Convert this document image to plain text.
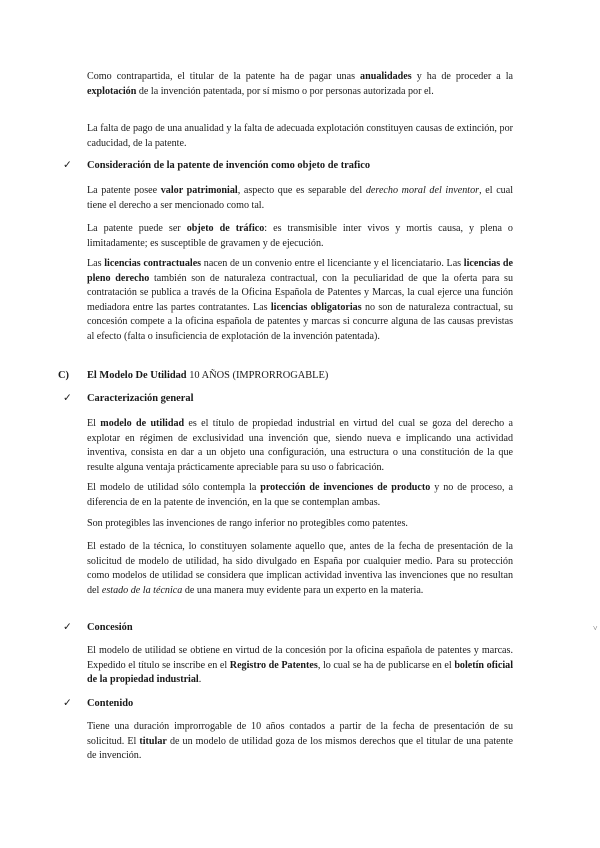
Como contrapartida, el titular de la patente ha de pagar unas anualidades y ha de proceder a la explotación de la invención patentada, por sí mismo o por personas autorizada por el.

La falta de pago de una anualidad y la falta de adecuada explotación constituyen causas de extinción, por caducidad, de la patente.

✓ Consideración de la patente de invención como objeto de trafico

La patente posee valor patrimonial, aspecto que es separable del derecho moral del inventor, el cual tiene el derecho a ser mencionado como tal.

La patente puede ser objeto de tráfico: es transmisible inter vivos y mortis causa, y plena o limitadamente; es susceptible de gravamen y de ejecución.

Las licencias contractuales nacen de un convenio entre el licenciante y el licenciatario. Las licencias de pleno derecho también son de naturaleza contractual, con la peculiaridad de que la oferta para su contratación se publica a través de la Oficina Española de Patentes y Marcas, la cual ejerce una función mediadora entre las partes contratantes. Las licencias obligatorias no son de naturaleza contractual, su concesión compete a la oficina española de patentes y marcas si concurre alguna de las causas previstas al efecto (falta o insuficiencia de explotación de la invención patentada).

C) El Modelo De Utilidad 10 AÑOS (IMPRORROGABLE)
✓ Caracterización general

El modelo de utilidad es el título de propiedad industrial en virtud del cual se goza del derecho a explotar en régimen de exclusividad una invención que, siendo nueva e implicando una actividad inventiva, consista en dar a un objeto una configuración, una estructura o una constitución de la que resulte alguna ventaja prácticamente apreciable para su uso o fabricación.

El modelo de utilidad sólo contempla la protección de invenciones de producto y no de proceso, a diferencia de en la patente de invención, en la que se contemplan ambas.

Son protegibles las invenciones de rango inferior no protegibles como patentes.

El estado de la técnica, lo constituyen solamente aquello que, antes de la fecha de presentación de la solicitud de modelo de utilidad, ha sido divulgado en España por cualquier medio. Para su protección como modelos de utilidad se considera que implican actividad inventiva las invenciones que no resultan del estado de la técnica de una manera muy evidente para un experto en la materia.

✓ Concesión

El modelo de utilidad se obtiene en virtud de la concesión por la oficina española de patentes y marcas. Expedido el título se inscribe en el Registro de Patentes, lo cual se ha de publicarse en el boletín oficial de la propiedad industrial.

✓ Contenido

Tiene una duración improrrogable de 10 años contados a partir de la fecha de presentación de su solicitud. El titular de un modelo de utilidad goza de los mismos derechos que el titular de una patente de invención.

˅
